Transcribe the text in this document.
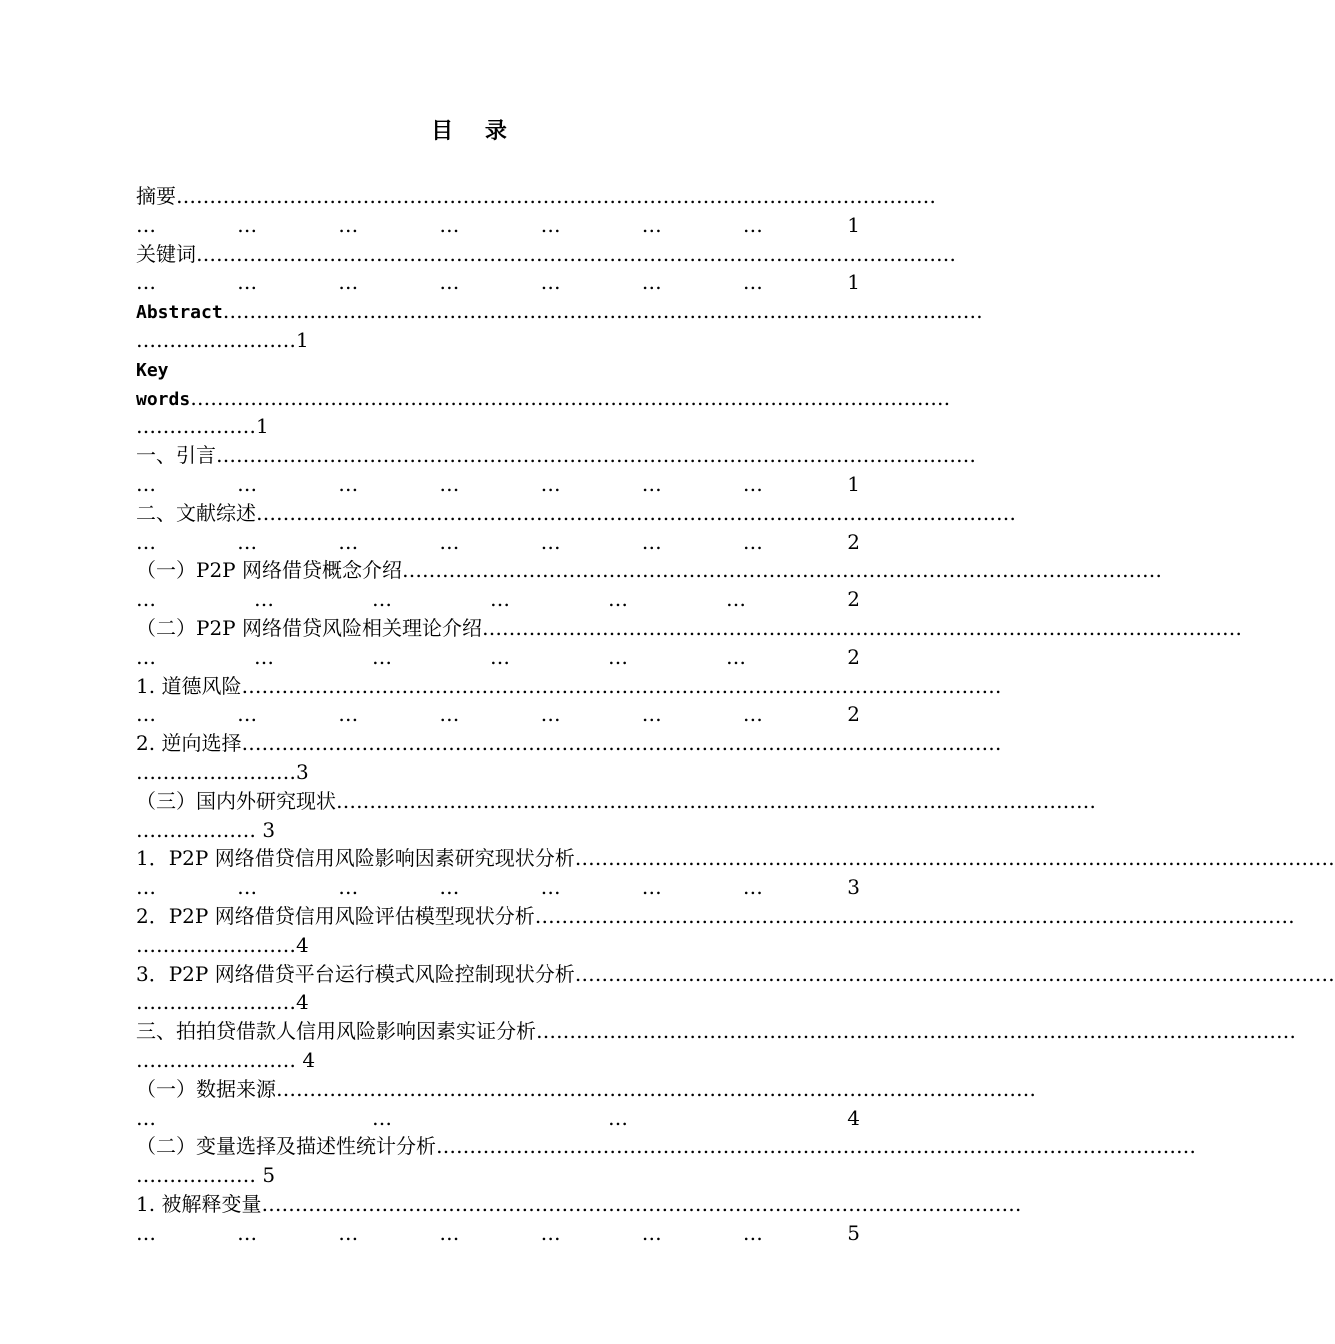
目 录
摘要……………………………………………………………………………………………………
…	…	…	…	…	…	…	1
关键词……………………………………………………………………………………………………
…	…	…	…	…	…	…	1
Abstract……………………………………………………………………………………………………
……………………1
Key
words……………………………………………………………………………………………………
………………1
一、引言……………………………………………………………………………………………………
…	…	…	…	…	…	…	1
二、文献综述……………………………………………………………………………………………………
…	…	…	…	…	…	…	2
（一）P2P 网络借贷概念介绍……………………………………………………………………………………………………
…	…	…	…	…	…	2
（二）P2P 网络借贷风险相关理论介绍……………………………………………………………………………………………………
…	…	…	…	…	…	2
1. 道德风险……………………………………………………………………………………………………
…	…	…	…	…	…	…	2
2. 逆向选择……………………………………………………………………………………………………
……………………3
（三）国内外研究现状……………………………………………………………………………………………………
……………… 3
1．P2P 网络借贷信用风险影响因素研究现状分析……………………………………………………………………………………………………
…	…	…	…	…	…	…	3
2．P2P 网络借贷信用风险评估模型现状分析……………………………………………………………………………………………………
……………………4
3．P2P 网络借贷平台运行模式风险控制现状分析……………………………………………………………………………………………………
……………………4
三、拍拍贷借款人信用风险影响因素实证分析……………………………………………………………………………………………………
…………………… 4
（一）数据来源……………………………………………………………………………………………………
…	…	…	4
（二）变量选择及描述性统计分析……………………………………………………………………………………………………
……………… 5
1. 被解释变量……………………………………………………………………………………………………
…	…	…	…	…	…	…	5
